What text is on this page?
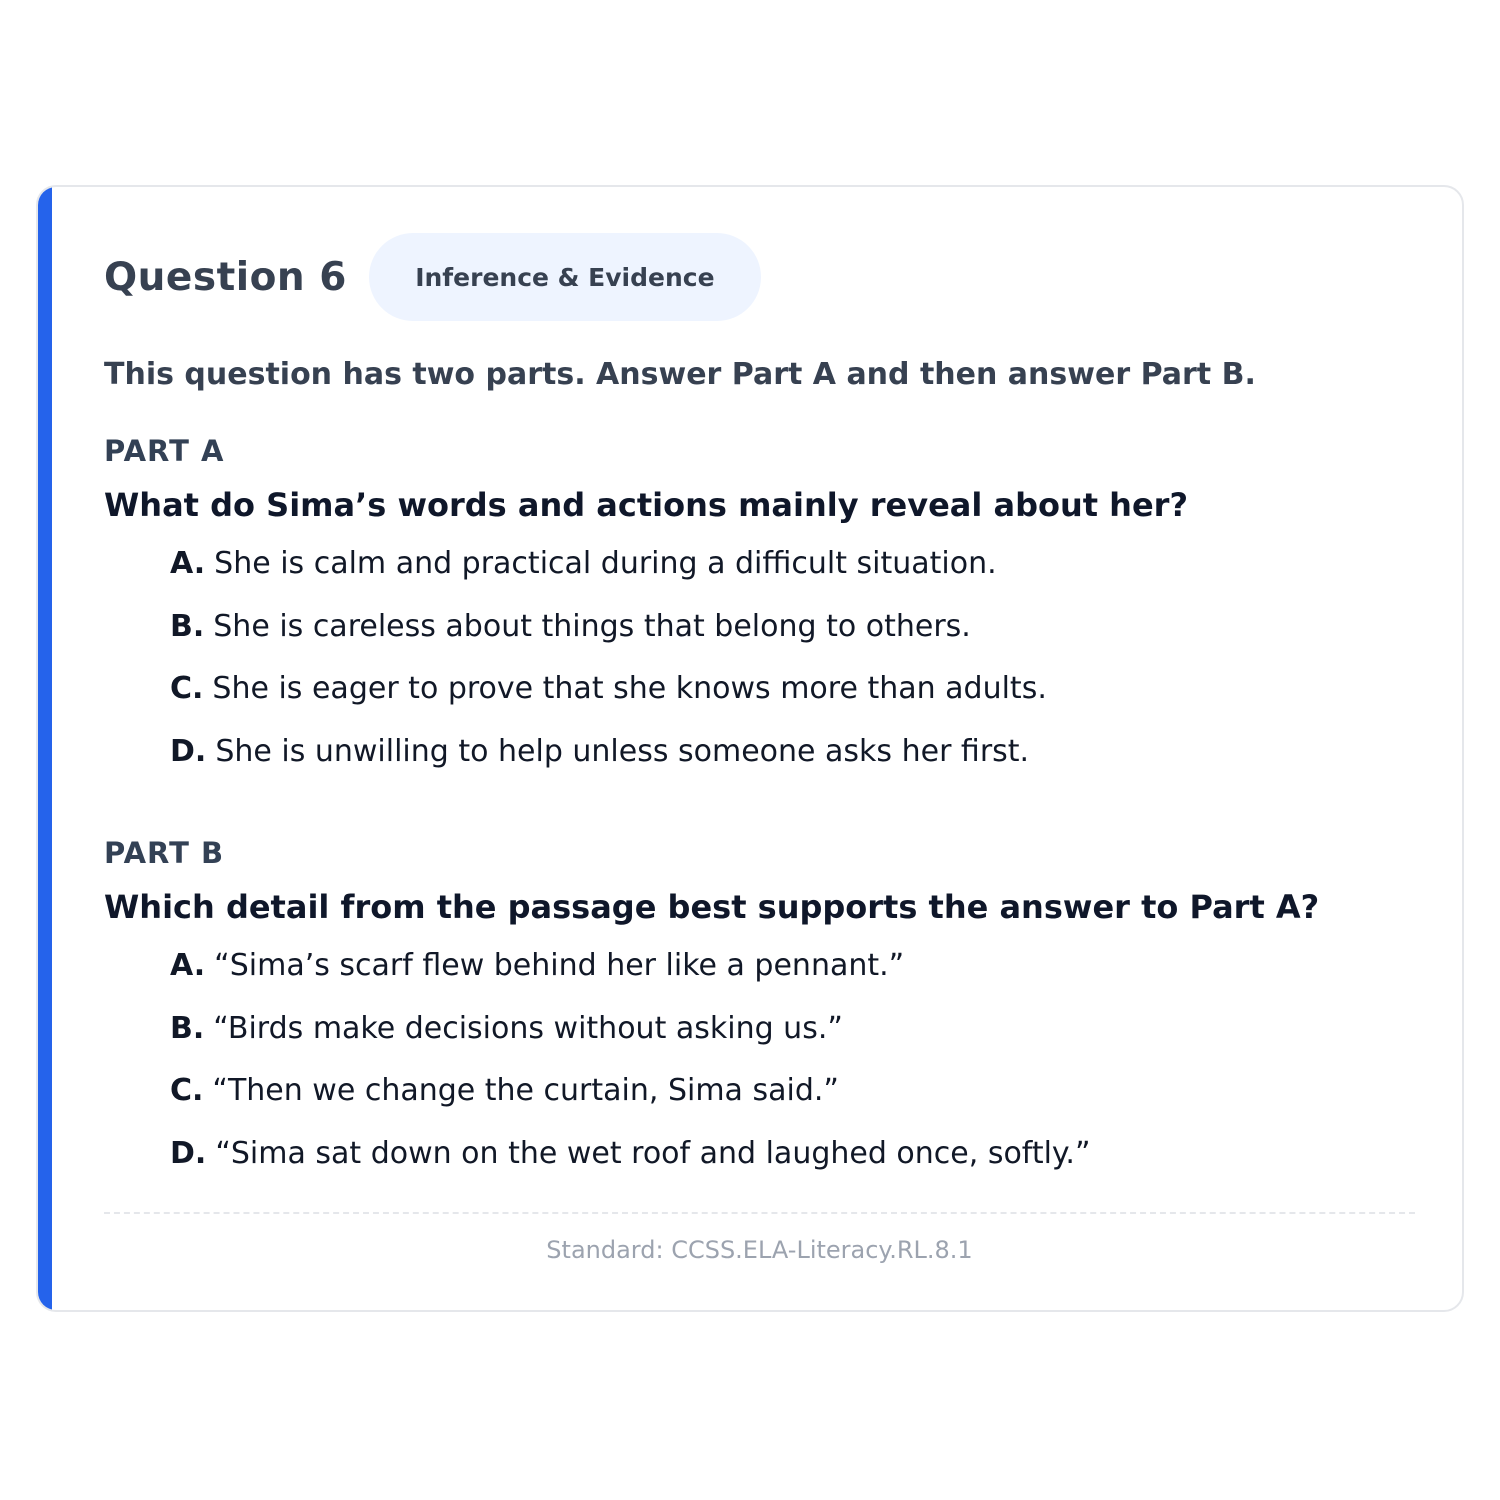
Question 6	Inference & Evidence
This question has two parts. Answer Part A and then answer Part B.
PART A
What do Sima’s words and actions mainly reveal about her?
A. She is calm and practical during a difficult situation.
B. She is careless about things that belong to others.
C. She is eager to prove that she knows more than adults.
D. She is unwilling to help unless someone asks her first.
PART B
Which detail from the passage best supports the answer to Part A?
A. “Sima’s scarf flew behind her like a pennant.”
B. “Birds make decisions without asking us.”
C. “Then we change the curtain, Sima said.”
D. “Sima sat down on the wet roof and laughed once, softly.”
Standard: CCSS.ELA-Literacy.RL.8.1
